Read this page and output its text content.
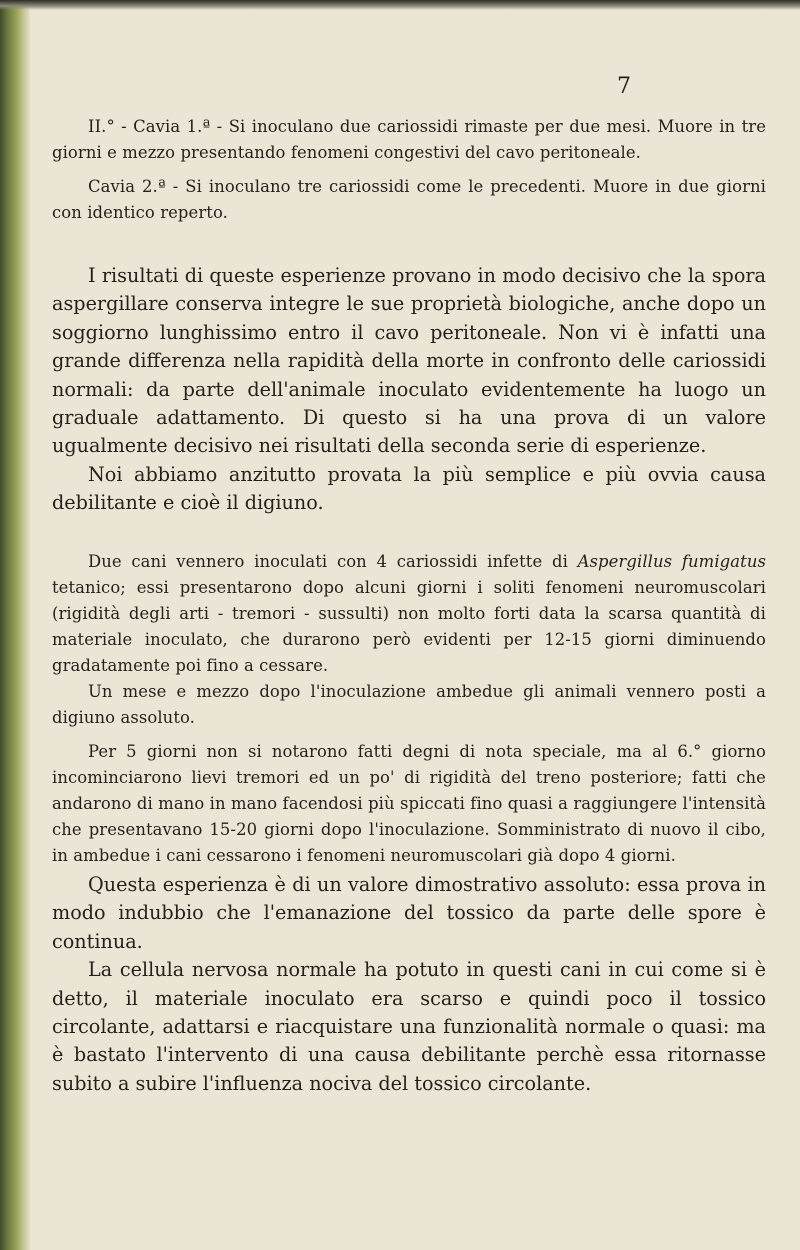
7

II.° - Cavia 1.ª - Si inoculano due cariossidi rimaste per due mesi. Muore in tre giorni e mezzo presentando fenomeni congestivi del cavo peritoneale.

Cavia 2.ª - Si inoculano tre cariossidi come le precedenti. Muore in due giorni con identico reperto.

I risultati di queste esperienze provano in modo decisivo che la spora aspergillare conserva integre le sue proprietà biologiche, anche dopo un soggiorno lunghissimo entro il cavo peritoneale. Non vi è infatti una grande differenza nella rapidità della morte in confronto delle cariossidi normali: da parte dell'animale inoculato evidentemente ha luogo un graduale adattamento. Di questo si ha una prova di un valore ugualmente decisivo nei risultati della seconda serie di esperienze.

Noi abbiamo anzitutto provata la più semplice e più ovvia causa debilitante e cioè il digiuno.

Due cani vennero inoculati con 4 cariossidi infette di Aspergillus fumigatus tetanico; essi presentarono dopo alcuni giorni i soliti fenomeni neuromuscolari (rigidità degli arti - tremori - sussulti) non molto forti data la scarsa quantità di materiale inoculato, che durarono però evidenti per 12-15 giorni diminuendo gradatamente poi fino a cessare.

Un mese e mezzo dopo l'inoculazione ambedue gli animali vennero posti a digiuno assoluto.

Per 5 giorni non si notarono fatti degni di nota speciale, ma al 6.° giorno incominciarono lievi tremori ed un po' di rigidità del treno posteriore; fatti che andarono di mano in mano facendosi più spiccati fino quasi a raggiungere l'intensità che presentavano 15-20 giorni dopo l'inoculazione. Somministrato di nuovo il cibo, in ambedue i cani cessarono i fenomeni neuromuscolari già dopo 4 giorni.

Questa esperienza è di un valore dimostrativo assoluto: essa prova in modo indubbio che l'emanazione del tossico da parte delle spore è continua.

La cellula nervosa normale ha potuto in questi cani in cui come si è detto, il materiale inoculato era scarso e quindi poco il tossico circolante, adattarsi e riacquistare una funzionalità normale o quasi: ma è bastato l'intervento di una causa debilitante perchè essa ritornasse subito a subire l'influenza nociva del tossico circolante.
